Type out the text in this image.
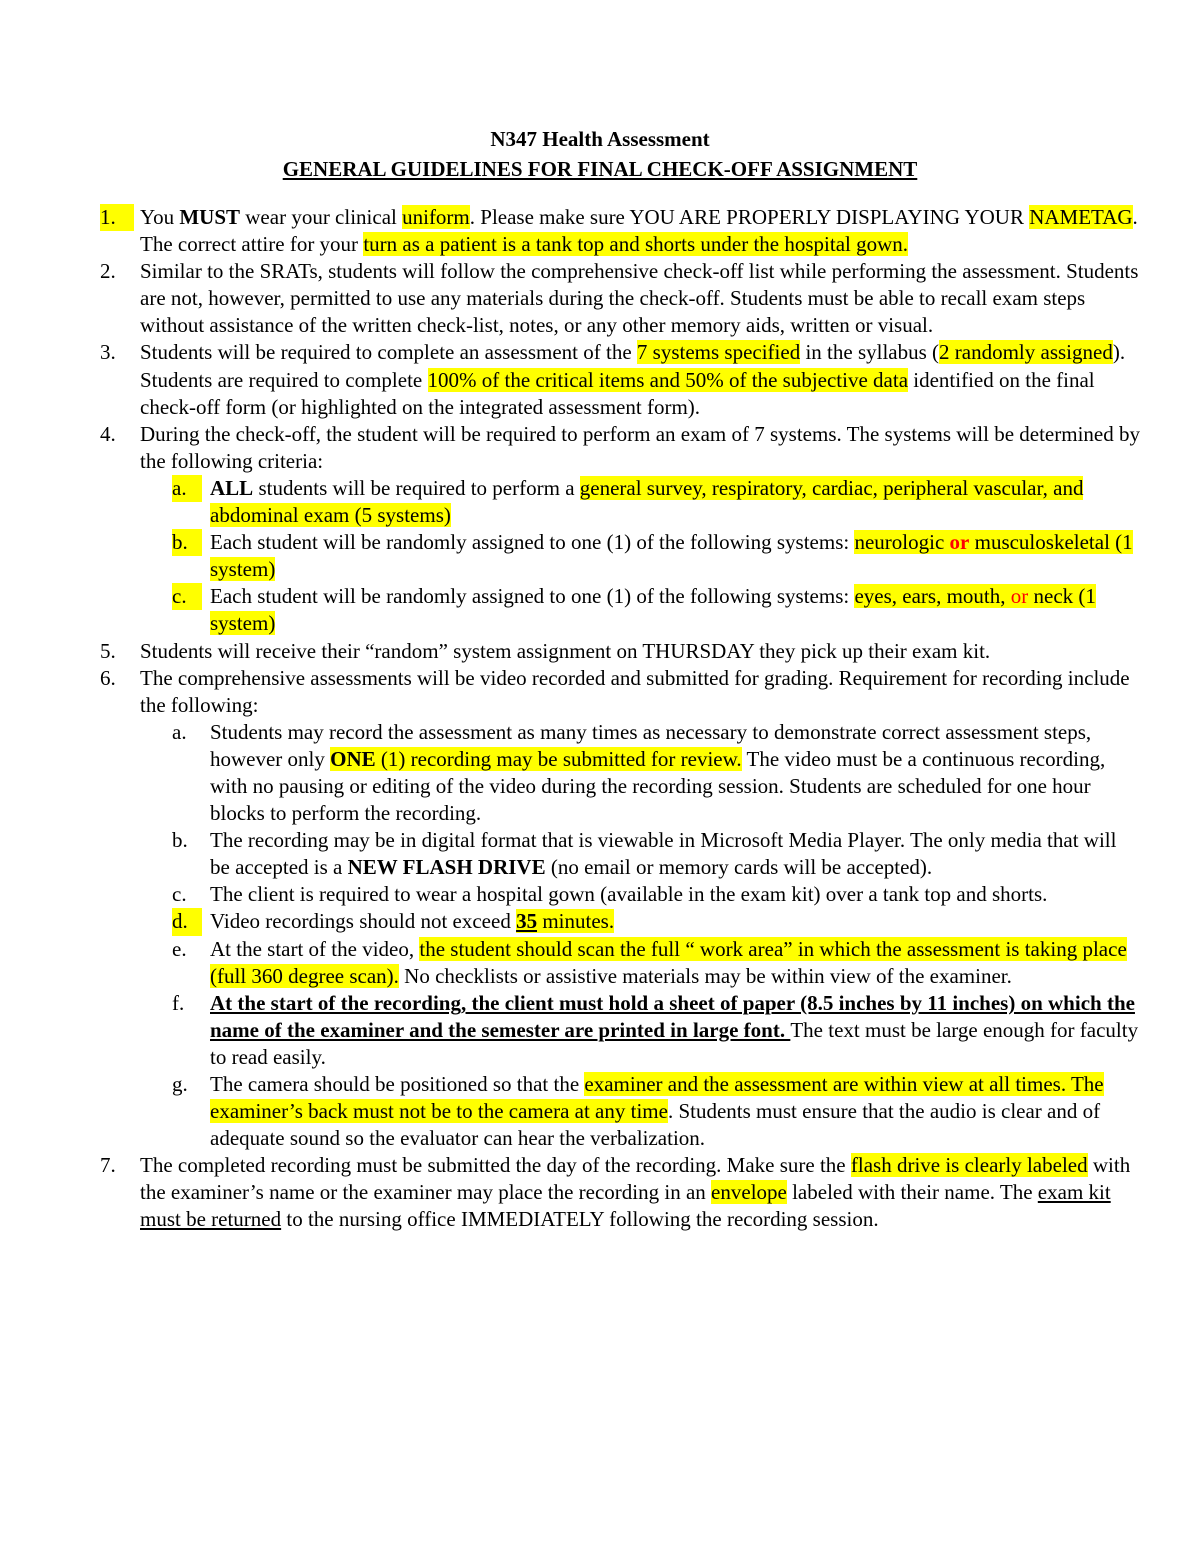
N347 Health Assessment
GENERAL GUIDELINES FOR FINAL CHECK-OFF ASSIGNMENT
1.	You MUST wear your clinical uniform. Please make sure YOU ARE PROPERLY DISPLAYING YOUR NAMETAG. The correct attire for your turn as a patient is a tank top and shorts under the hospital gown.
2.	Similar to the SRATs, students will follow the comprehensive check-off list while performing the assessment. Students are not, however, permitted to use any materials during the check-off. Students must be able to recall exam steps without assistance of the written check-list, notes, or any other memory aids, written or visual.
3.	Students will be required to complete an assessment of the 7 systems specified in the syllabus (2 randomly assigned). Students are required to complete 100% of the critical items and 50% of the subjective data identified on the final check-off form (or highlighted on the integrated assessment form).
4.	During the check-off, the student will be required to perform an exam of 7 systems. The systems will be determined by the following criteria:
a.	ALL students will be required to perform a general survey, respiratory, cardiac, peripheral vascular, and abdominal exam (5 systems)
b.	Each student will be randomly assigned to one (1) of the following systems: neurologic or musculoskeletal (1 system)
c.	Each student will be randomly assigned to one (1) of the following systems: eyes, ears, mouth, or neck (1 system)
5.	Students will receive their “random” system assignment on THURSDAY they pick up their exam kit.
6.	The comprehensive assessments will be video recorded and submitted for grading. Requirement for recording include the following:
a.	Students may record the assessment as many times as necessary to demonstrate correct assessment steps, however only ONE (1) recording may be submitted for review. The video must be a continuous recording, with no pausing or editing of the video during the recording session. Students are scheduled for one hour blocks to perform the recording.
b.	The recording may be in digital format that is viewable in Microsoft Media Player. The only media that will be accepted is a NEW FLASH DRIVE (no email or memory cards will be accepted).
c.	The client is required to wear a hospital gown (available in the exam kit) over a tank top and shorts.
d.	Video recordings should not exceed 35 minutes.
e.	At the start of the video, the student should scan the full “ work area” in which the assessment is taking place (full 360 degree scan). No checklists or assistive materials may be within view of the examiner.
f.	At the start of the recording, the client must hold a sheet of paper (8.5 inches by 11 inches) on which the name of the examiner and the semester are printed in large font. The text must be large enough for faculty to read easily.
g.	The camera should be positioned so that the examiner and the assessment are within view at all times. The examiner’s back must not be to the camera at any time. Students must ensure that the audio is clear and of adequate sound so the evaluator can hear the verbalization.
7.	The completed recording must be submitted the day of the recording. Make sure the flash drive is clearly labeled with the examiner’s name or the examiner may place the recording in an envelope labeled with their name. The exam kit must be returned to the nursing office IMMEDIATELY following the recording session.
